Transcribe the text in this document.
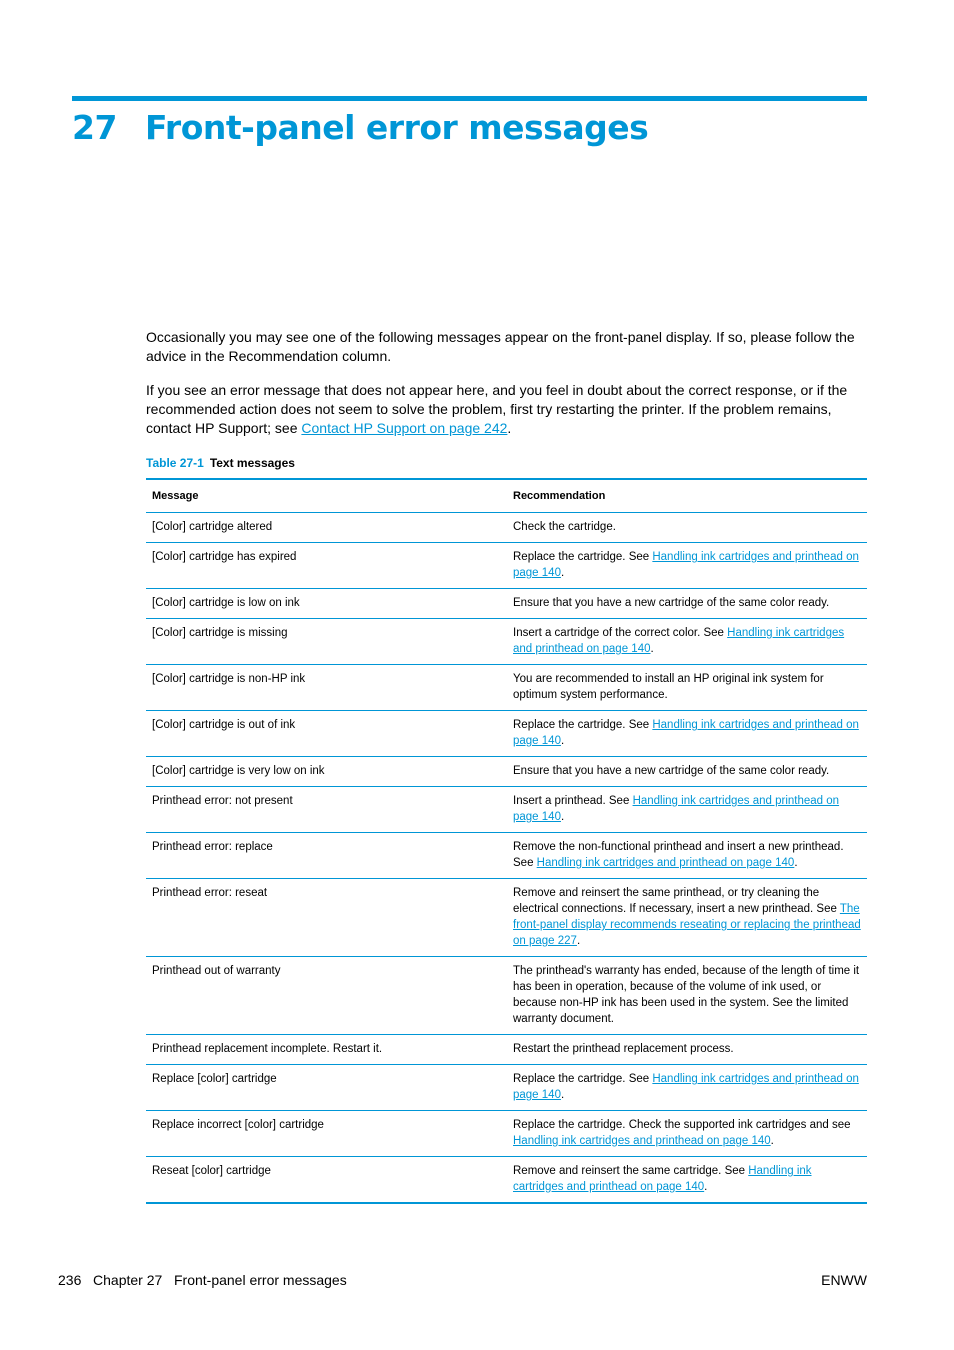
27 Front-panel error messages

Occasionally you may see one of the following messages appear on the front-panel display. If so, please follow the advice in the Recommendation column.

If you see an error message that does not appear here, and you feel in doubt about the correct response, or if the recommended action does not seem to solve the problem, first try restarting the printer. If the problem remains, contact HP Support; see Contact HP Support on page 242.

Table 27-1 Text messages
Message	Recommendation
[Color] cartridge altered	Check the cartridge.
[Color] cartridge has expired	Replace the cartridge. See Handling ink cartridges and printhead on page 140.
[Color] cartridge is low on ink	Ensure that you have a new cartridge of the same color ready.
[Color] cartridge is missing	Insert a cartridge of the correct color. See Handling ink cartridges and printhead on page 140.
[Color] cartridge is non-HP ink	You are recommended to install an HP original ink system for optimum system performance.
[Color] cartridge is out of ink	Replace the cartridge. See Handling ink cartridges and printhead on page 140.
[Color] cartridge is very low on ink	Ensure that you have a new cartridge of the same color ready.
Printhead error: not present	Insert a printhead. See Handling ink cartridges and printhead on page 140.
Printhead error: replace	Remove the non-functional printhead and insert a new printhead. See Handling ink cartridges and printhead on page 140.
Printhead error: reseat	Remove and reinsert the same printhead, or try cleaning the electrical connections. If necessary, insert a new printhead. See The front-panel display recommends reseating or replacing the printhead on page 227.
Printhead out of warranty	The printhead's warranty has ended, because of the length of time it has been in operation, because of the volume of ink used, or because non-HP ink has been used in the system. See the limited warranty document.
Printhead replacement incomplete. Restart it.	Restart the printhead replacement process.
Replace [color] cartridge	Replace the cartridge. See Handling ink cartridges and printhead on page 140.
Replace incorrect [color] cartridge	Replace the cartridge. Check the supported ink cartridges and see Handling ink cartridges and printhead on page 140.
Reseat [color] cartridge	Remove and reinsert the same cartridge. See Handling ink cartridges and printhead on page 140.
236 Chapter 27 Front-panel error messages	ENWW
